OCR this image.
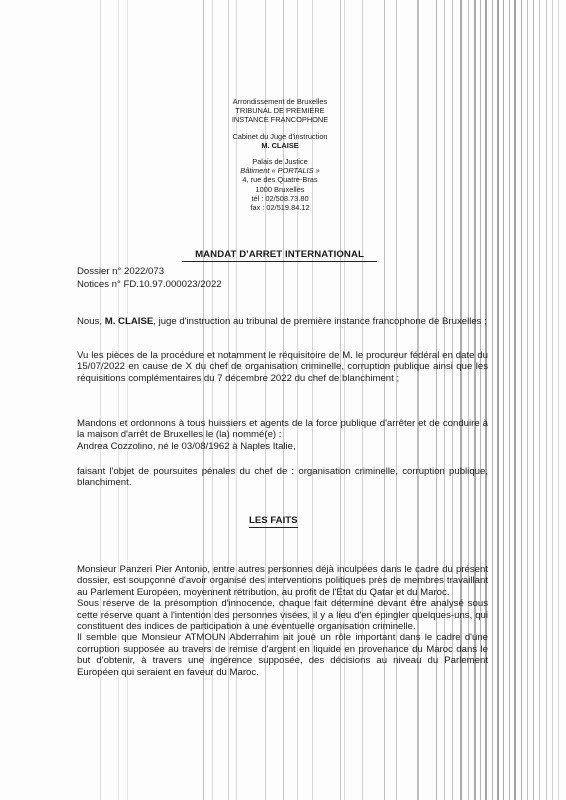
Arrondissement de Bruxelles
TRIBUNAL DE PREMIERE
INSTANCE FRANCOPHONE
Cabinet du Juge d'instruction
M. CLAISE
Palais de Justice
Bâtiment « PORTALIS »
4, rue des Quatre-Bras
1000 Bruxelles
tél : 02/508.73.80
fax : 02/519.84.12
MANDAT D'ARRET INTERNATIONAL
Dossier n° 2022/073
Notices n° FD.10.97.000023/2022
Nous, M. CLAISE, juge d'instruction au tribunal de première instance francophone de Bruxelles ;
Vu les pièces de la procédure et notamment le réquisitoire de M. le procureur fédéral en date du 15/07/2022 en cause de X du chef de organisation criminelle, corruption publique ainsi que les réquisitions complémentaires du 7 décembre 2022 du chef de blanchiment ;
Mandons et ordonnons à tous huissiers et agents de la force publique d'arrêter et de conduire à la maison d'arrêt de Bruxelles le (la) nommé(e) :
Andrea Cozzolino, né le 03/08/1962 à Naples Italie,
faisant l'objet de poursuites pénales du chef de : organisation criminelle, corruption publique, blanchiment.
LES FAITS
Monsieur Panzeri Pier Antonio, entre autres personnes déjà inculpées dans le cadre du présent dossier, est soupçonné d'avoir organisé des interventions politiques près de membres travaillant au Parlement Européen, moyennent rétribution, au profit de l'Etat du Qatar et du Maroc.
Sous réserve de la présomption d'innocence, chaque fait déterminé devant être analysé sous cette réserve quant à l'intention des personnes visées, il y a lieu d'en épingler quelques-uns, qui constituent des indices de participation à une éventuelle organisation criminelle.
Il semble que Monsieur ATMOUN Abderrahim ait joué un rôle important dans le cadre d'une corruption supposée au travers de remise d'argent en liquide en provenance du Maroc dans le but d'obtenir, à travers une ingérence supposée, des décisions au niveau du Parlement Européen qui seraient en faveur du Maroc.
